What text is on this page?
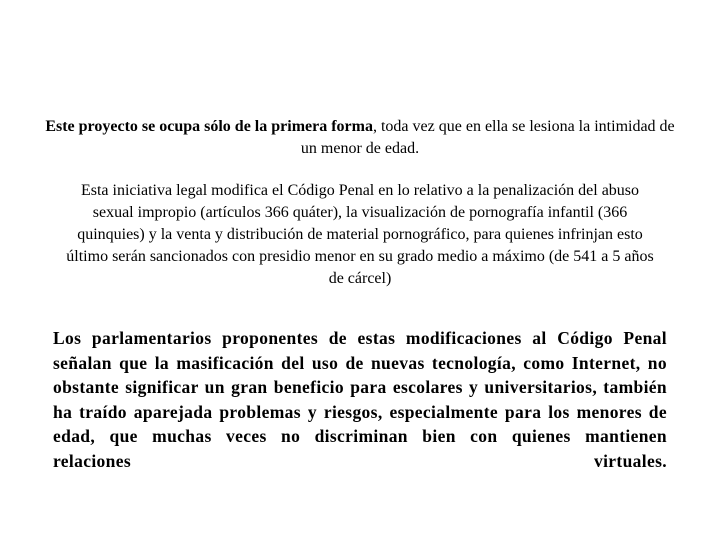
Este proyecto se ocupa sólo de la primera forma, toda vez que en ella se lesiona la intimidad de un menor de edad.

Esta iniciativa legal modifica el Código Penal en lo relativo a la penalización del abuso sexual impropio (artículos 366 quáter), la visualización de pornografía infantil (366 quinquies) y la venta y distribución de material pornográfico, para quienes infrinjan esto último serán sancionados con presidio menor en su grado medio a máximo (de 541 a 5 años de cárcel)

Los parlamentarios proponentes de estas modificaciones al Código Penal señalan que la masificación del uso de nuevas tecnología, como Internet, no obstante significar un gran beneficio para escolares y universitarios, también ha traído aparejada problemas y riesgos, especialmente para los menores de edad, que muchas veces no discriminan bien con quienes mantienen relaciones virtuales.
